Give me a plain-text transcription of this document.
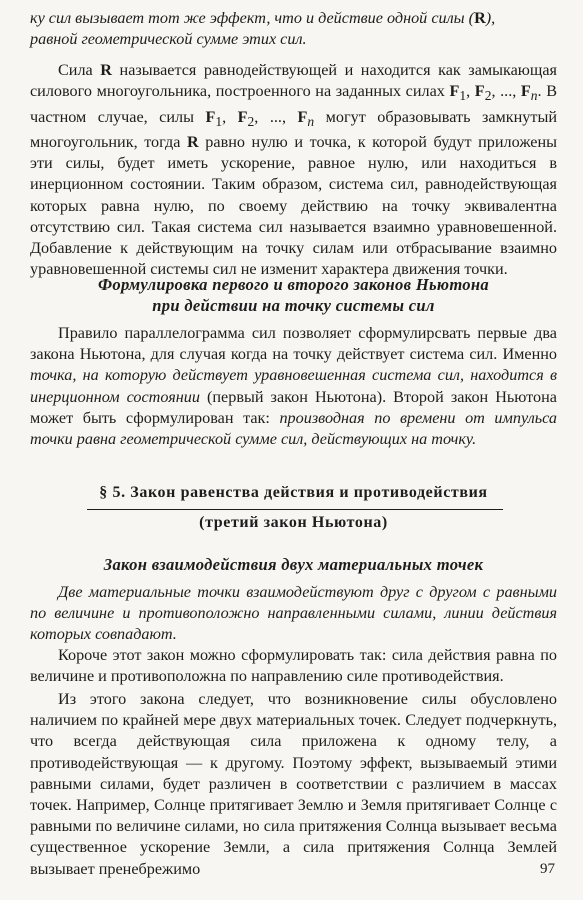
ку сил вызывает тот же эффект, что и действие одной силы (R),
равной геометрической сумме этих сил.

Сила R называется равнодействующей и находится как замыкающая силового многоугольника, построенного на заданных силах $F_1$, $F_2$, ..., $F_n$. В частном случае, силы $F_1$, $F_2$, ..., $F_n$ могут образовывать замкнутый многоугольник, тогда R равно нулю и точка, к которой будут приложены эти силы, будет иметь ускорение, равное нулю, или находиться в инерционном состоянии. Таким образом, система сил, равнодействующая которых равна нулю, по своему действию на точку эквивалентна отсутствию сил. Такая система сил называется взаимно уравновешенной. Добавление к действующим на точку силам или отбрасывание взаимно уравновешенной системы сил не изменит характера движения точки.

Формулировка первого и второго законов Ньютона
при действии на точку системы сил

Правило параллелограмма сил позволяет сформулирсвать первые два закона Ньютона, для случая когда на точку действует система сил. Именно точка, на которую действует уравновешенная система сил, находится в инерционном состоянии (первый закон Ньютона). Второй закон Ньютона может быть сформулирован так: производная по времени от импульса точки равна геометрической сумме сил, действующих на точку.

§ 5. Закон равенства действия и противодействия

(третий закон Ньютона)

Закон взаимодействия двух материальных точек

Две материальные точки взаимодействуют друг с другом с равными по величине и противоположно направленными силами, линии действия которых совпадают.

Короче этот закон можно сформулировать так: сила действия равна по величине и противоположна по направлению силе противодействия.

Из этого закона следует, что возникновение силы обусловлено наличием по крайней мере двух материальных точек. Следует подчеркнуть, что всегда действующая сила приложена к одному телу, а противодействующая — к другому. Поэтому эффект, вызываемый этими равными силами, будет различен в соответствии с различием в массах точек. Например, Солнце притягивает Землю и Земля притягивает Солнце с равными по величине силами, но сила притяжения Солнца вызывает весьма существенное ускорение Земли, а сила притяжения Солнца Землей вызывает пренебрежимо	97
